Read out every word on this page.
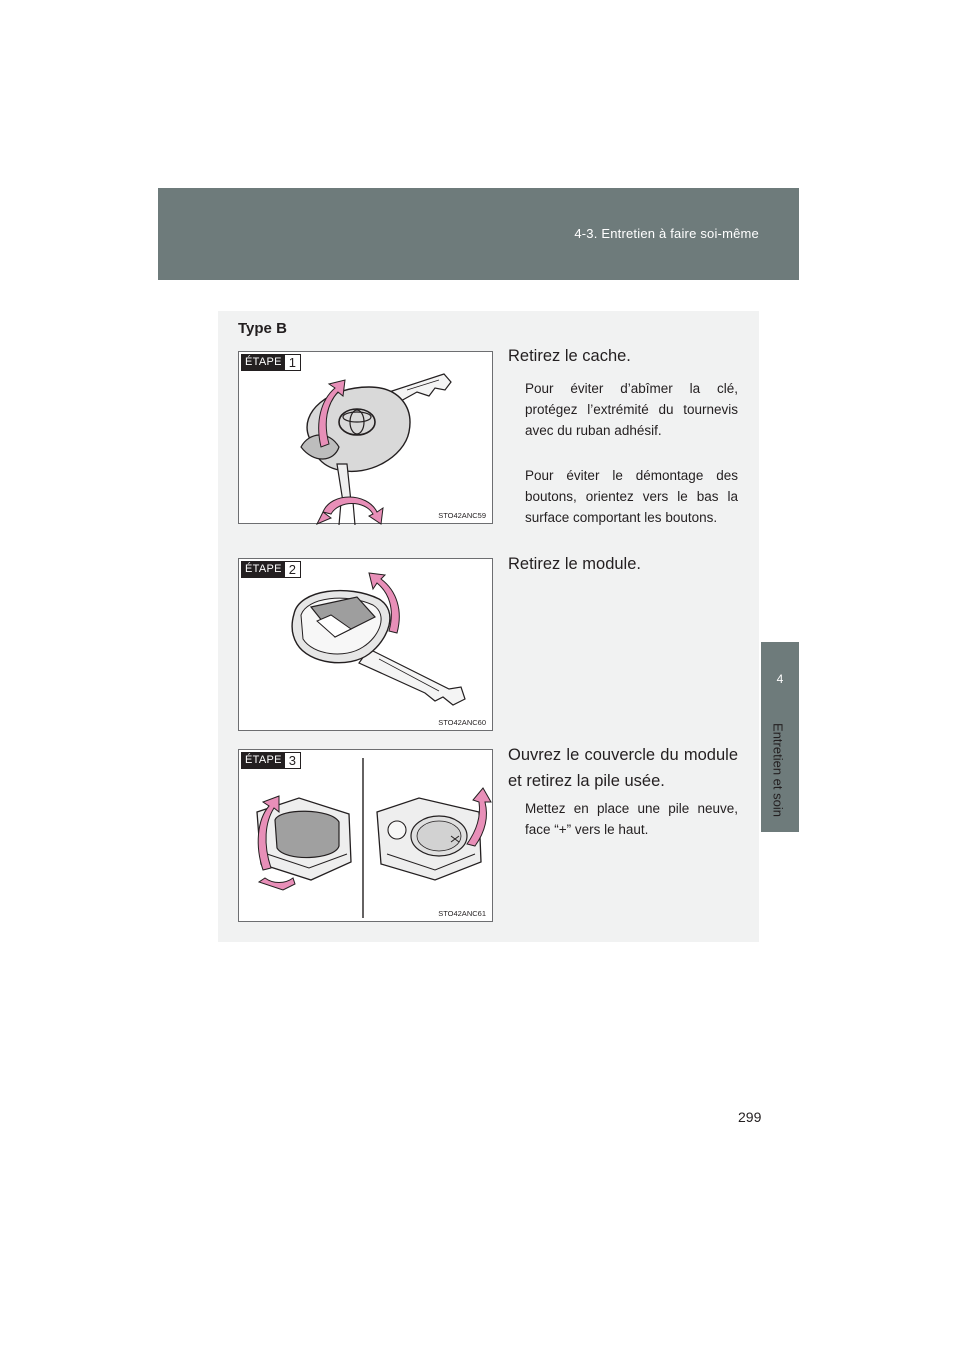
4-3. Entretien à faire soi-même
4
Entretien et soin
Type B
ÉTAPE 1
STO42ANC59
Retirez le cache.
Pour éviter d’abîmer la clé, protégez l’extrémité du tournevis avec du ruban adhésif.
Pour éviter le démontage des boutons, orientez vers le bas la surface comportant les boutons.
ÉTAPE 2
STO42ANC60
Retirez le module.
ÉTAPE 3
STO42ANC61
Ouvrez le couvercle du module et retirez la pile usée.
Mettez en place une pile neuve, face “+” vers le haut.
299
